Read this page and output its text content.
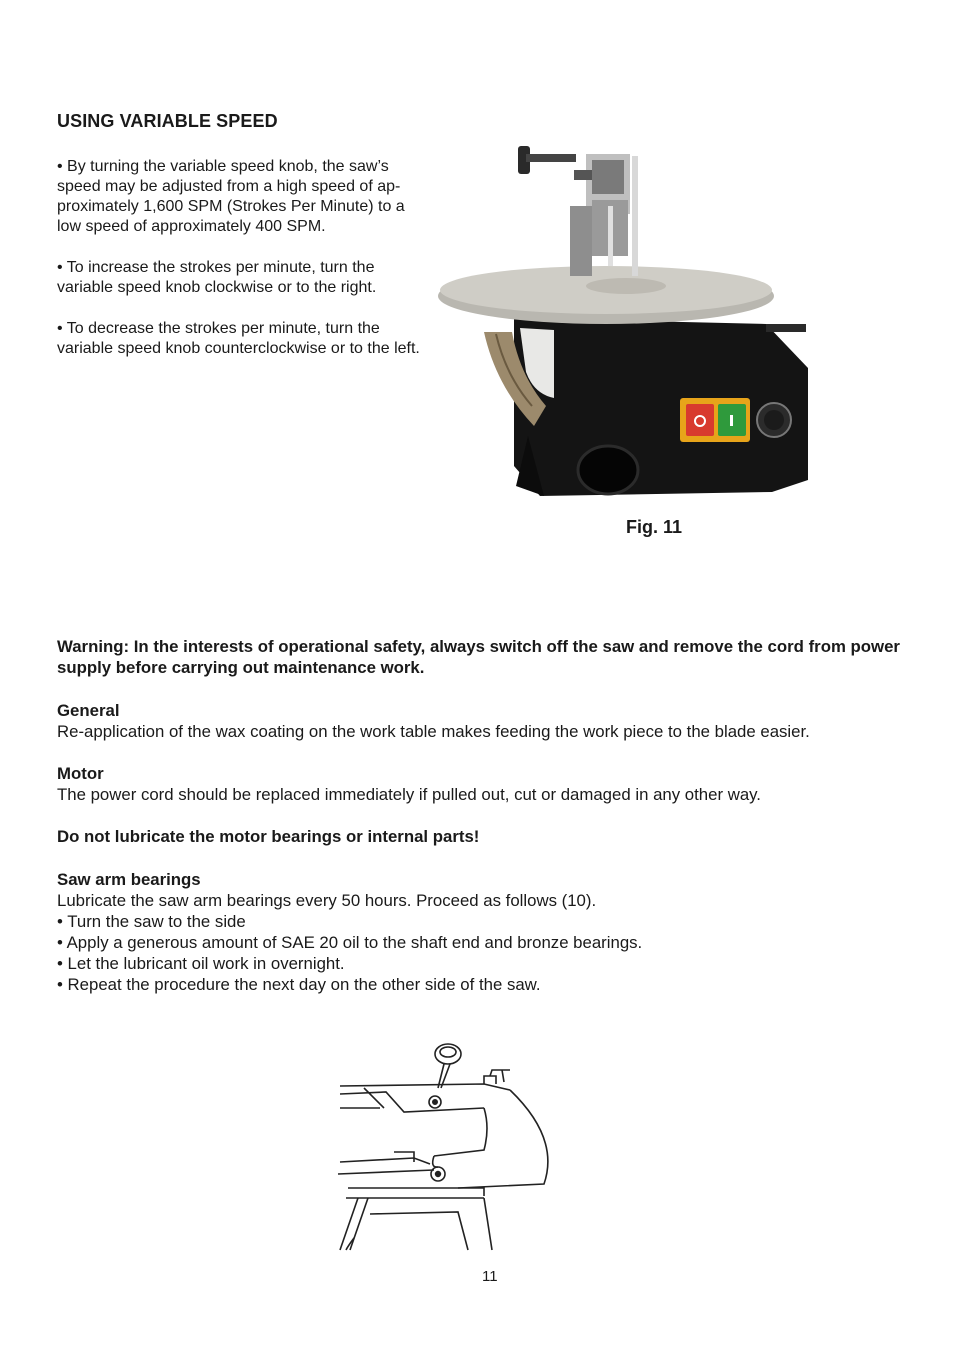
USING VARIABLE SPEED

• By turning the variable speed knob, the saw’s speed may be adjusted from a high speed of ap-proximately 1,600 SPM (Strokes Per Minute) to a low speed of approximately 400 SPM.

• To increase the strokes per minute, turn the variable speed knob clockwise or to the right.

• To decrease the strokes per minute, turn the variable speed knob counterclockwise or to the left.

Fig. 11

Warning: In the interests of operational safety, always switch off the saw and remove the cord from power supply before carrying out maintenance work.

General

Re-application of the wax coating on the work table makes feeding the work piece to the blade easier.

Motor

The power cord should be replaced immediately if pulled out, cut or damaged in any other way.

Do not lubricate the motor bearings or internal parts!

Saw arm bearings

Lubricate the saw arm bearings every 50 hours. Proceed as follows (10).

• Turn the saw to the side
• Apply a generous amount of SAE 20 oil to the shaft end and bronze bearings.
• Let the lubricant oil work in overnight.
• Repeat the procedure the next day on the other side of the saw.
11
